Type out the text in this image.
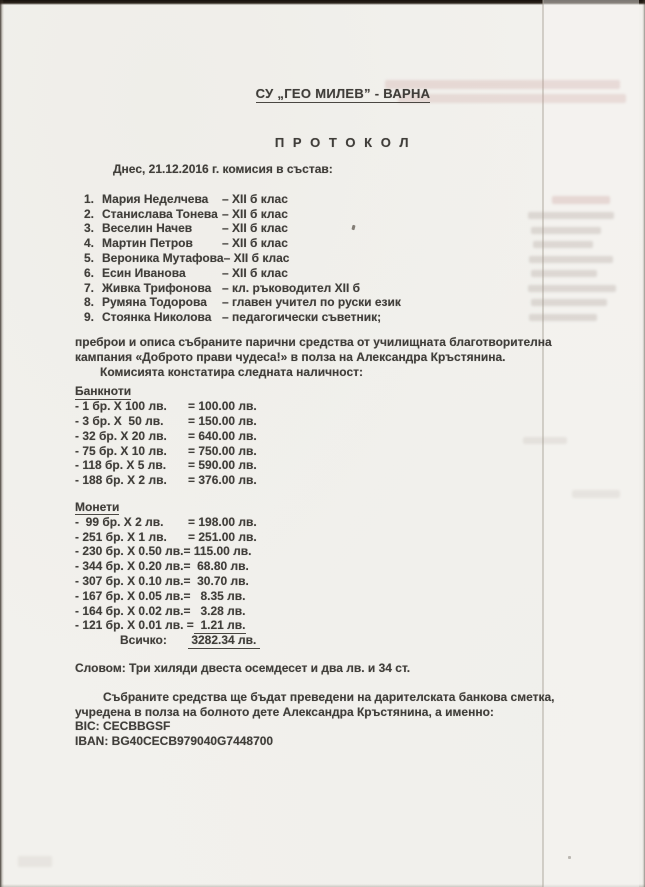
СУ „ГЕО МИЛЕВ” - ВАРНА
П Р О Т О К О Л
Днес, 21.12.2016 г. комисия в състав:
1. Мария Неделчева – XII б клас
2. Станислава Тонева – XII б клас
3. Веселин Начев – XII б клас
4. Мартин Петров – XII б клас
5. Вероника Мутафова– XII б клас
6. Есин Иванова	– XII б клас
7. Живка Трифонова – кл. ръководител XII б
8. Румяна Тодорова – главен учител по руски език
9. Стоянка Николова – педагогически съветник;
преброи и описа събраните парични средства от училищната благотворителна
кампания «Доброто прави чудеса!» в полза на Александра Кръстянина.
Комисията констатира следната наличност:
Банкноти
- 1 бр. Х 100 лв. = 100.00 лв.
- 3 бр. Х  50 лв. = 150.00 лв.
- 32 бр. Х 20 лв. = 640.00 лв.
- 75 бр. Х 10 лв. = 750.00 лв.
- 118 бр. Х 5 лв. = 590.00 лв.
- 188 бр. Х 2 лв. = 376.00 лв.
Монети
-  99 бр. Х 2 лв. = 198.00 лв.
- 251 бр. Х 1 лв. = 251.00 лв.
- 230 бр. Х 0.50 лв.= 115.00 лв.
- 344 бр. Х 0.20 лв.=  68.80 лв.
- 307 бр. Х 0.10 лв.=  30.70 лв.
- 167 бр. Х 0.05 лв.=   8.35 лв.
- 164 бр. Х 0.02 лв.=   3.28 лв.
- 121 бр. Х 0.01 лв. =  1.21 лв.
Всичко: 3282.34 лв.
Словом: Три хиляди двеста осемдесет и два лв. и 34 ст.
Събраните средства ще бъдат преведени на дарителската банкова сметка,
учредена в полза на болното дете Александра Кръстянина, а именно:
BIC: CECBBGSF
IBAN: BG40CECB979040G7448700
